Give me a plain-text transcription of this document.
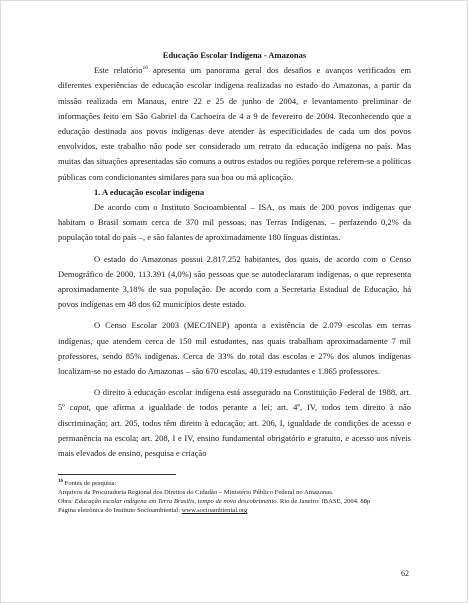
Educação Escolar Indígena - Amazonas

Este relatório$^{16}$ apresenta um panorama geral dos desafios e avanços verificados em diferentes experiências de educação escolar indígena realizadas no estado do Amazonas, a partir da missão realizada em Manaus, entre 22 e 25 de junho de 2004, e levantamento preliminar de informações feito em São Gabriel da Cachoeira de 4 a 9 de fevereiro de 2004. Reconhecendo que a educação destinada aos povos indígenas deve atender às especificidades de cada um dos povos envolvidos, este trabalho não pode ser considerado um retrato da educação indígena no país. Mas muitas das situações apresentadas são comuns a outros estados ou regiões porque referem-se a políticas públicas com condicionantes similares para sua boa ou má aplicação.

1. A educação escolar indígena

De acordo com o Instituto Socioambiental – ISA, os mais de 200 povos indígenas que habitam o Brasil somam cerca de 370 mil pessoas, nas Terras Indígenas, – perfazendo 0,2% da população total do país –, e são falantes de aproximadamente 180 línguas distintas.

O estado do Amazonas possui 2.817.252 habitantes, dos quais, de acordo com o Censo Demográfico de 2000, 113.391 (4,0%) são pessoas que se autodeclararam indígenas, o que representa aproximadamente 3,18% de sua população. De acordo com a Secretaria Estadual de Educação, há povos indígenas em 48 dos 62 municípios deste estado.

O Censo Escolar 2003 (MEC/INEP) aponta a existência de 2.079 escolas em terras indígenas, que atendem cerca de 150 mil estudantes, nas quais trabalham aproximadamente 7 mil professores, sendo 85% indígenas. Cerca de 33% do total das escolas e 27% dos alunos indígenas localizam-se no estado do Amazonas – são 670 escolas, 40.119 estudantes e 1.865 professores.

O direito à educação escolar indígena está assegurado na Constituição Federal de 1988, art. 5º caput, que afirma a igualdade de todos perante a lei; art. 4º, IV, todos tem direito à não discriminação; art. 205, todos têm direito à educação; art. 206, I, igualdade de condições de acesso e permanência na escola; art. 208, I e IV, ensino fundamental obrigatório e gratuito, e acesso aos níveis mais elevados de ensino, pesquisa e criação

$^{16}$ Fontes de pesquisa:

Arquivos da Procuradoria Regional dos Direitos do Cidadão – Ministério Público Federal no Amazonas.

Obra: Educação escolar indígena em Terra Brasilis, tempo de novo descobrimento. Rio de Janeiro: IBASE, 2004. 88p

Página eletrônica do Instituto Socioambiental: www.socioambiental.org

62
